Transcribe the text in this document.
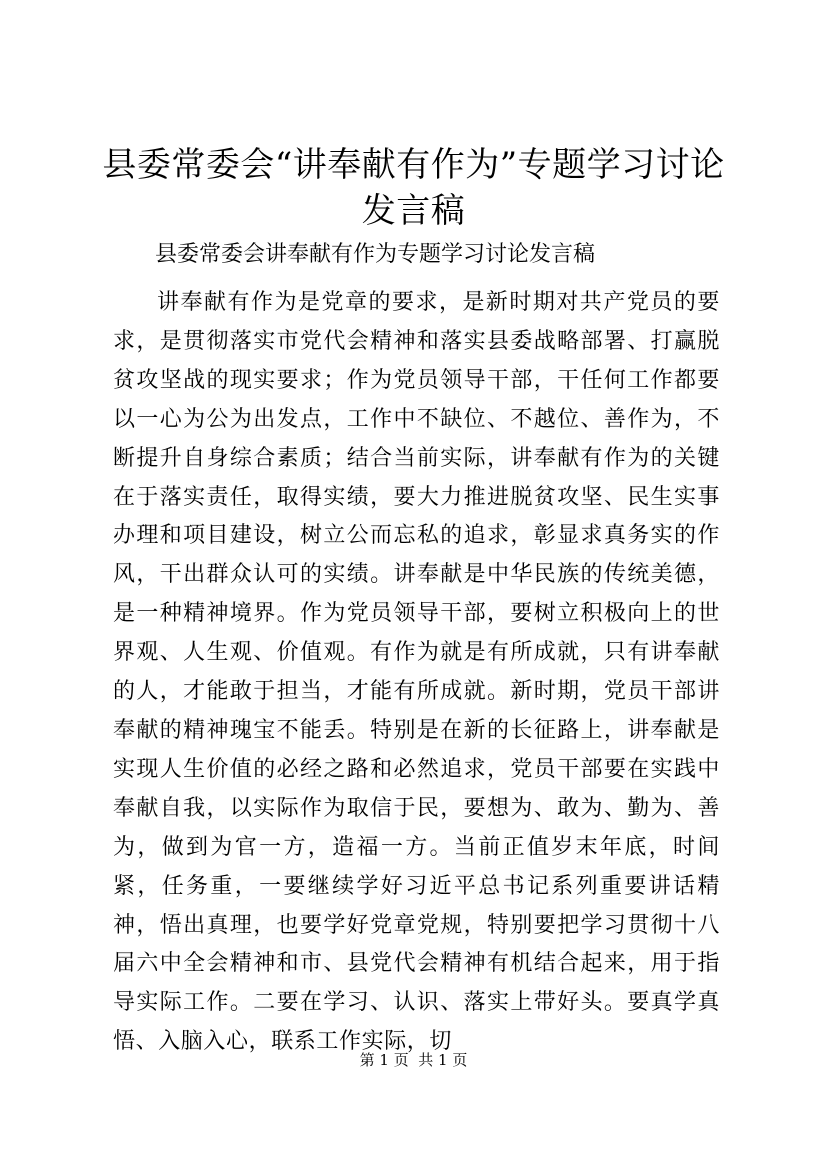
县委常委会“讲奉献有作为”专题学习讨论发言稿

县委常委会讲奉献有作为专题学习讨论发言稿

讲奉献有作为是党章的要求，是新时期对共产党员的要求，是贯彻落实市党代会精神和落实县委战略部署、打赢脱贫攻坚战的现实要求；作为党员领导干部，干任何工作都要以一心为公为出发点，工作中不缺位、不越位、善作为，不断提升自身综合素质；结合当前实际，讲奉献有作为的关键在于落实责任，取得实绩，要大力推进脱贫攻坚、民生实事办理和项目建设，树立公而忘私的追求，彰显求真务实的作风，干出群众认可的实绩。讲奉献是中华民族的传统美德，是一种精神境界。作为党员领导干部，要树立积极向上的世界观、人生观、价值观。有作为就是有所成就，只有讲奉献的人，才能敢于担当，才能有所成就。新时期，党员干部讲奉献的精神瑰宝不能丢。特别是在新的长征路上，讲奉献是实现人生价值的必经之路和必然追求，党员干部要在实践中奉献自我，以实际作为取信于民，要想为、敢为、勤为、善为，做到为官一方，造福一方。当前正值岁末年底，时间紧，任务重，一要继续学好习近平总书记系列重要讲话精神，悟出真理，也要学好党章党规，特别要把学习贯彻十八届六中全会精神和市、县党代会精神有机结合起来，用于指导实际工作。二要在学习、认识、落实上带好头。要真学真悟、入脑入心，联系工作实际，切

第 1 页  共 1 页
